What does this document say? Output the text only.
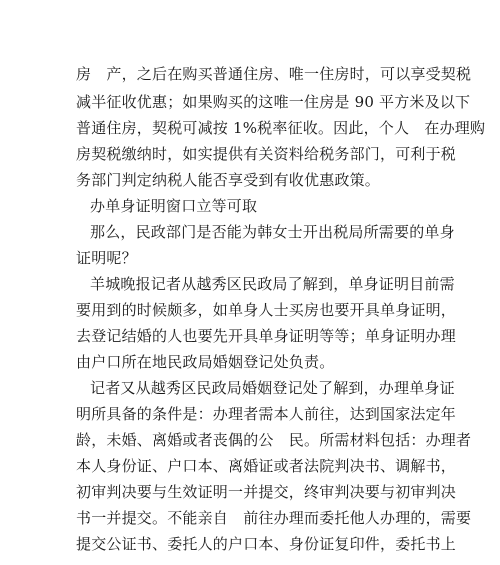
房　产，之后在购买普通住房、唯一住房时，可以享受契税
减半征收优惠；如果购买的这唯一住房是 90 平方米及以下
普通住房，契税可减按 1%税率征收。因此，个人　在办理购
房契税缴纳时，如实提供有关资料给税务部门，可利于税
务部门判定纳税人能否享受到有收优惠政策。
办单身证明窗口立等可取
那么，民政部门是否能为韩女士开出税局所需要的单身
证明呢？
羊城晚报记者从越秀区民政局了解到，单身证明目前需
要用到的时候颇多，如单身人士买房也要开具单身证明，
去登记结婚的人也要先开具单身证明等等；单身证明办理
由户口所在地民政局婚姻登记处负责。
记者又从越秀区民政局婚姻登记处了解到，办理单身证
明所具备的条件是：办理者需本人前往，达到国家法定年
龄，未婚、离婚或者丧偶的公　民。所需材料包括：办理者
本人身份证、户口本、离婚证或者法院判决书、调解书，
初审判决要与生效证明一并提交，终审判决要与初审判决
书一并提交。不能亲自　前往办理而委托他人办理的，需要
提交公证书、委托人的户口本、身份证复印件，委托书上
